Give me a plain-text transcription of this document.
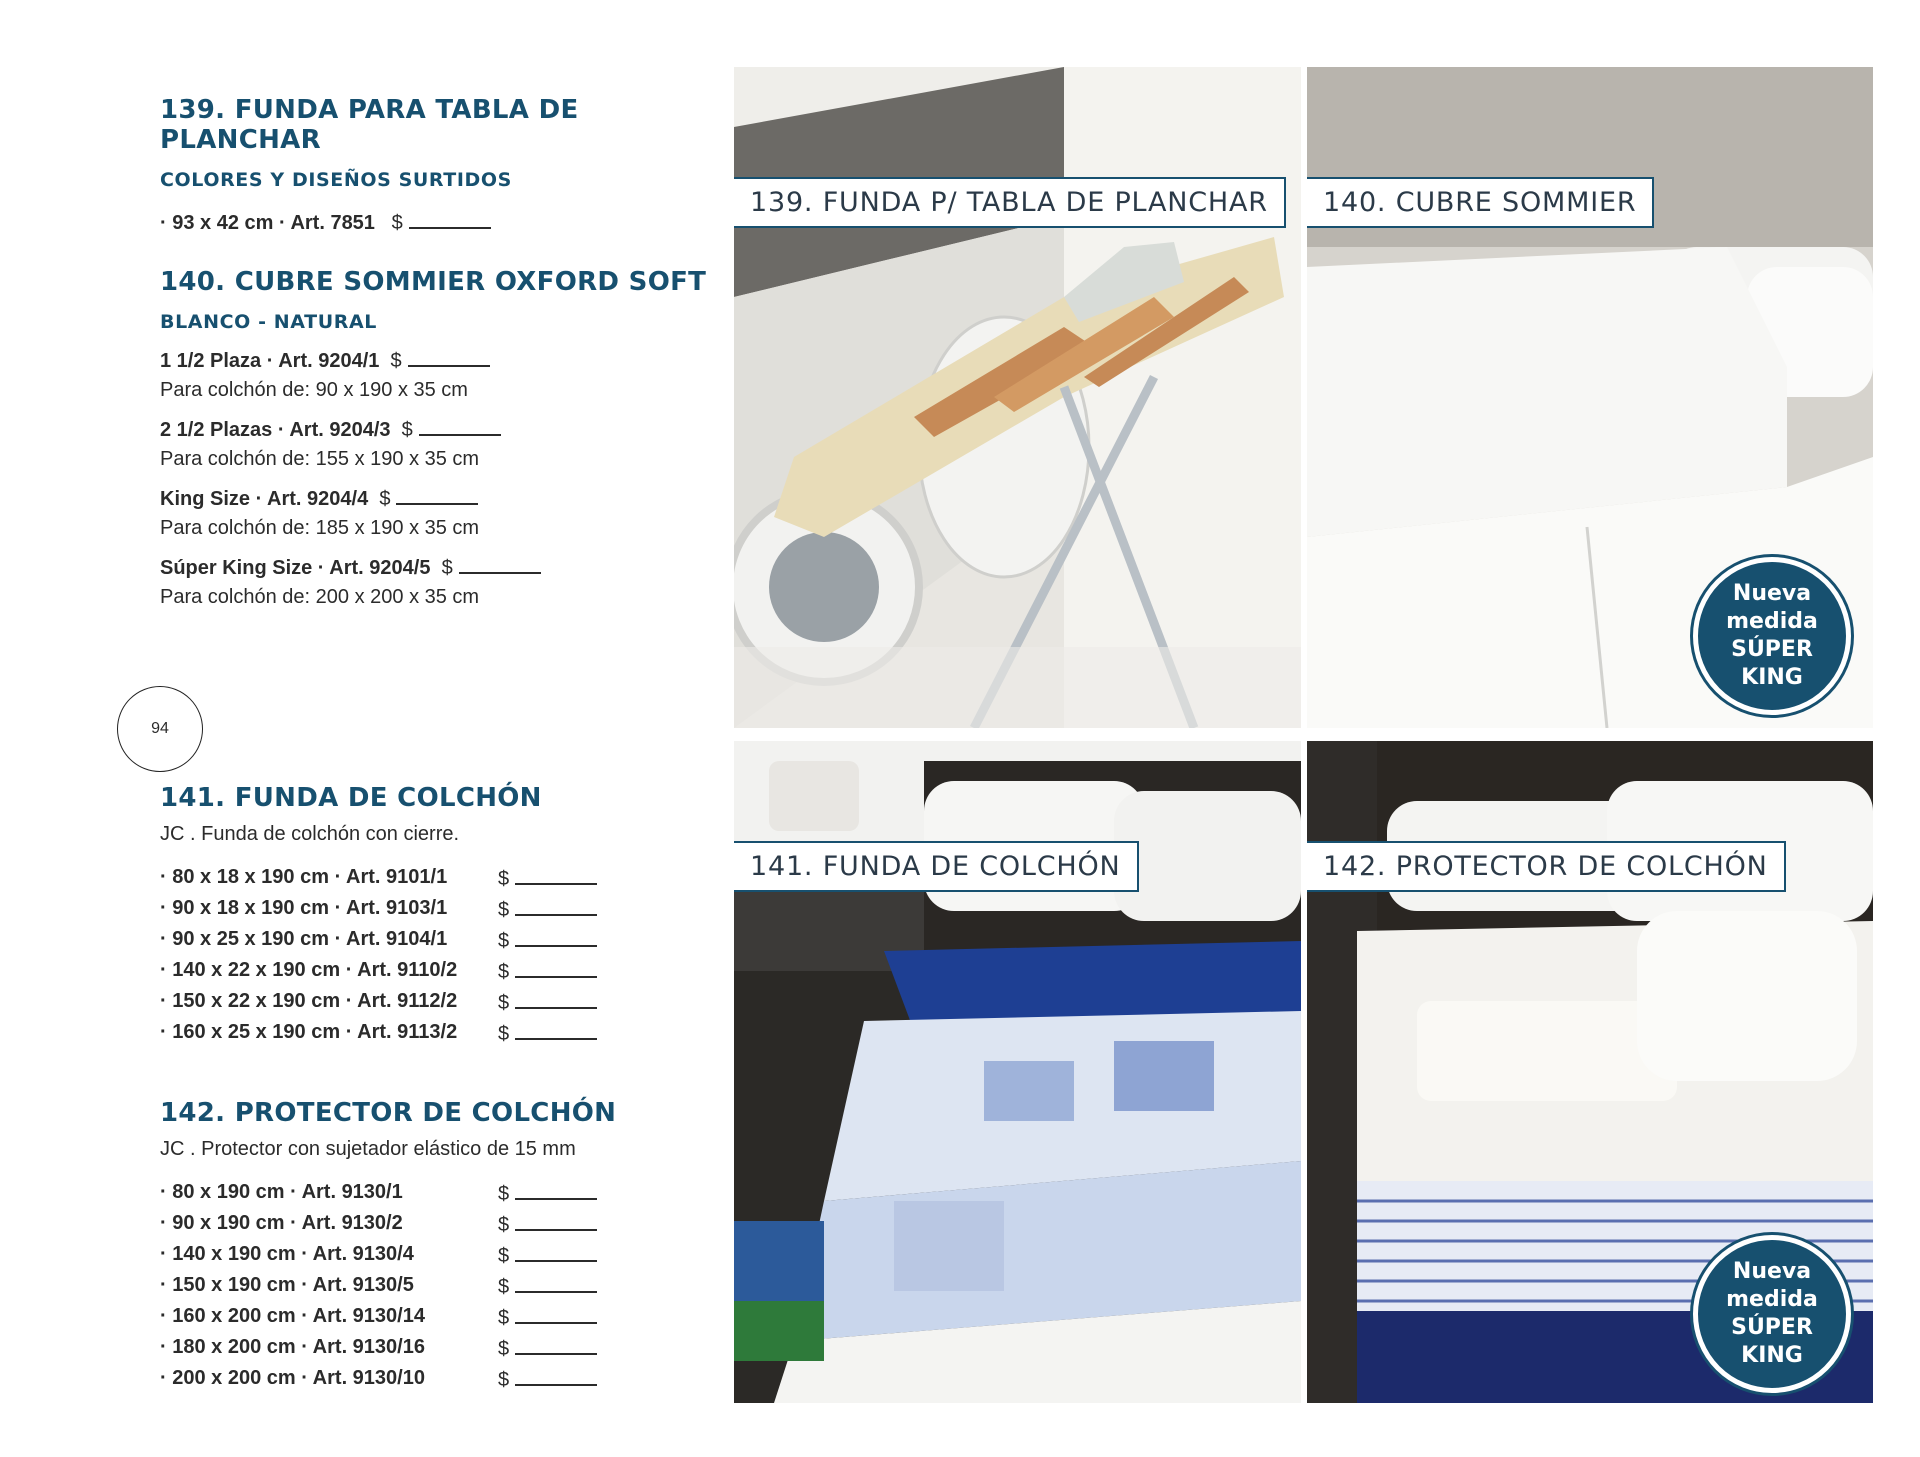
139. FUNDA PARA TABLA DE PLANCHAR

COLORES Y DISEÑOS SURTIDOS

· 93 x 42 cm · Art. 7851 $

140. CUBRE SOMMIER OXFORD SOFT

BLANCO - NATURAL

1 1/2 Plaza · Art. 9204/1 $

Para colchón de: 90 x 190 x 35 cm

2 1/2 Plazas · Art. 9204/3 $

Para colchón de: 155 x 190 x 35 cm

King Size · Art. 9204/4 $

Para colchón de: 185 x 190 x 35 cm

Súper King Size · Art. 9204/5 $

Para colchón de: 200 x 200 x 35 cm

94
141. FUNDA DE COLCHÓN

JC . Funda de colchón con cierre.

· 80 x 18 x 190 cm · Art. 9101/1	$
· 90 x 18 x 190 cm · Art. 9103/1	$
· 90 x 25 x 190 cm · Art. 9104/1	$
· 140 x 22 x 190 cm · Art. 9110/2	$
· 150 x 22 x 190 cm · Art. 9112/2	$
· 160 x 25 x 190 cm · Art. 9113/2	$
142. PROTECTOR DE COLCHÓN

JC . Protector con sujetador elástico de 15 mm

· 80 x 190 cm · Art. 9130/1	$
· 90 x 190 cm · Art. 9130/2	$
· 140 x 190 cm · Art. 9130/4	$
· 150 x 190 cm · Art. 9130/5	$
· 160 x 200 cm · Art. 9130/14	$
· 180 x 200 cm · Art. 9130/16	$
· 200 x 200 cm · Art. 9130/10	$
139. FUNDA P/ TABLA DE PLANCHAR	140. CUBRE SOMMIER
Nueva
medida
SÚPER
KING
141. FUNDA DE COLCHÓN	142. PROTECTOR DE COLCHÓN
Nueva
medida
SÚPER
KING
